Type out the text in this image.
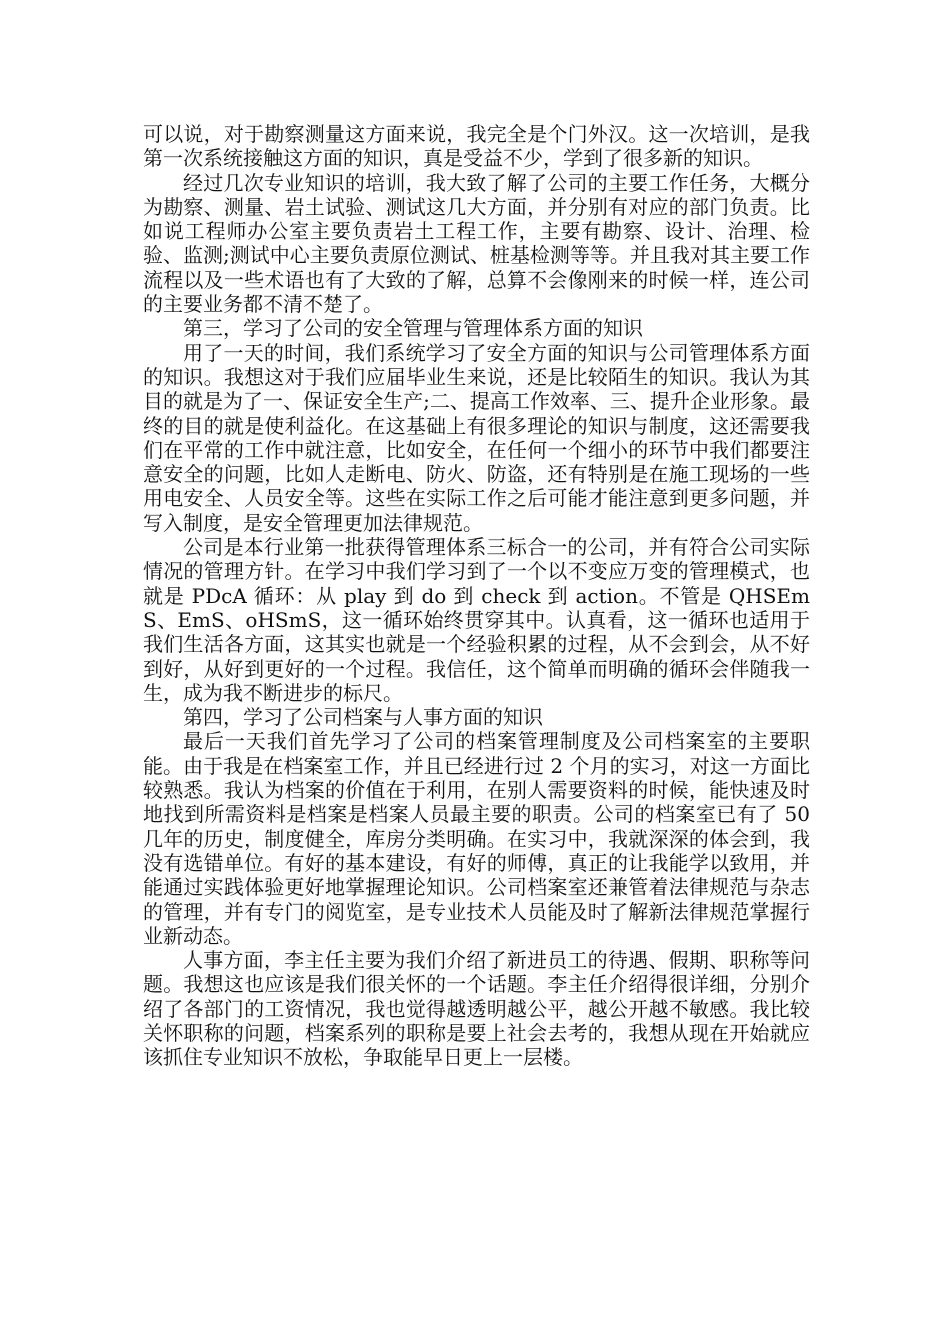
可以说，对于勘察测量这方面来说，我完全是个门外汉。这一次培训，是我第一次系统接触这方面的知识，真是受益不少，学到了很多新的知识。

经过几次专业知识的培训，我大致了解了公司的主要工作任务，大概分为勘察、测量、岩土试验、测试这几大方面，并分别有对应的部门负责。比如说工程师办公室主要负责岩土工程工作，主要有勘察、设计、治理、检验、监测;测试中心主要负责原位测试、桩基检测等等。并且我对其主要工作流程以及一些术语也有了大致的了解，总算不会像刚来的时候一样，连公司的主要业务都不清不楚了。

第三，学习了公司的安全管理与管理体系方面的知识

用了一天的时间，我们系统学习了安全方面的知识与公司管理体系方面的知识。我想这对于我们应届毕业生来说，还是比较陌生的知识。我认为其目的就是为了一、保证安全生产;二、提高工作效率、三、提升企业形象。最终的目的就是使利益化。在这基础上有很多理论的知识与制度，这还需要我们在平常的工作中就注意，比如安全，在任何一个细小的环节中我们都要注意安全的问题，比如人走断电、防火、防盗，还有特别是在施工现场的一些用电安全、人员安全等。这些在实际工作之后可能才能注意到更多问题，并写入制度，是安全管理更加法律规范。

公司是本行业第一批获得管理体系三标合一的公司，并有符合公司实际情况的管理方针。在学习中我们学习到了一个以不变应万变的管理模式，也就是 PDcA 循环：从 play 到 do 到 check 到 action。不管是 QHSEmS、EmS、oHSmS，这一循环始终贯穿其中。认真看，这一循环也适用于我们生活各方面，这其实也就是一个经验积累的过程，从不会到会，从不好到好，从好到更好的一个过程。我信任，这个简单而明确的循环会伴随我一生，成为我不断进步的标尺。

第四，学习了公司档案与人事方面的知识

最后一天我们首先学习了公司的档案管理制度及公司档案室的主要职能。由于我是在档案室工作，并且已经进行过 2 个月的实习，对这一方面比较熟悉。我认为档案的价值在于利用，在别人需要资料的时候，能快速及时地找到所需资料是档案是档案人员最主要的职责。公司的档案室已有了 50 几年的历史，制度健全，库房分类明确。在实习中，我就深深的体会到，我没有选错单位。有好的基本建设，有好的师傅，真正的让我能学以致用，并能通过实践体验更好地掌握理论知识。公司档案室还兼管着法律规范与杂志的管理，并有专门的阅览室，是专业技术人员能及时了解新法律规范掌握行业新动态。

人事方面，李主任主要为我们介绍了新进员工的待遇、假期、职称等问题。我想这也应该是我们很关怀的一个话题。李主任介绍得很详细，分别介绍了各部门的工资情况，我也觉得越透明越公平，越公开越不敏感。我比较关怀职称的问题，档案系列的职称是要上社会去考的，我想从现在开始就应该抓住专业知识不放松，争取能早日更上一层楼。
